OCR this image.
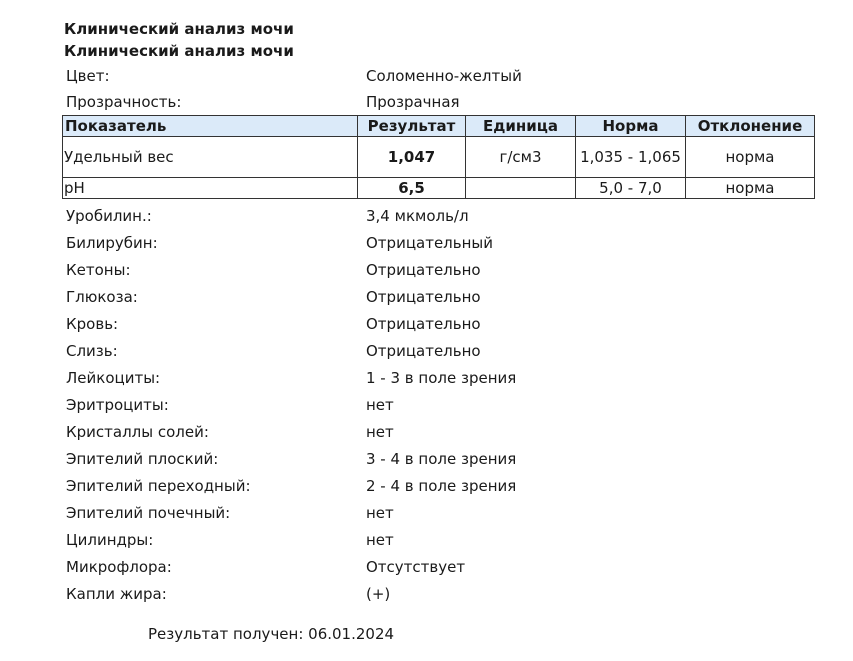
Клинический анализ мочи
Клинический анализ мочи
Цвет:	Соломенно-желтый
Прозрачность:	Прозрачная
Показатель	Результат	Единица	Норма	Отклонение
Удельный вес	1,047	г/см3	1,035 - 1,065	норма
pH	6,5		5,0 - 7,0	норма
Уробилин.:	3,4 мкмоль/л
Билирубин:	Отрицательный
Кетоны:	Отрицательно
Глюкоза:	Отрицательно
Кровь:	Отрицательно
Слизь:	Отрицательно
Лейкоциты:	1 - 3 в поле зрения
Эритроциты:	нет
Кристаллы солей:	нет
Эпителий плоский:	3 - 4 в поле зрения
Эпителий переходный:	2 - 4 в поле зрения
Эпителий почечный:	нет
Цилиндры:	нет
Микрофлора:	Отсутствует
Капли жира:	(+)
Результат получен: 06.01.2024
